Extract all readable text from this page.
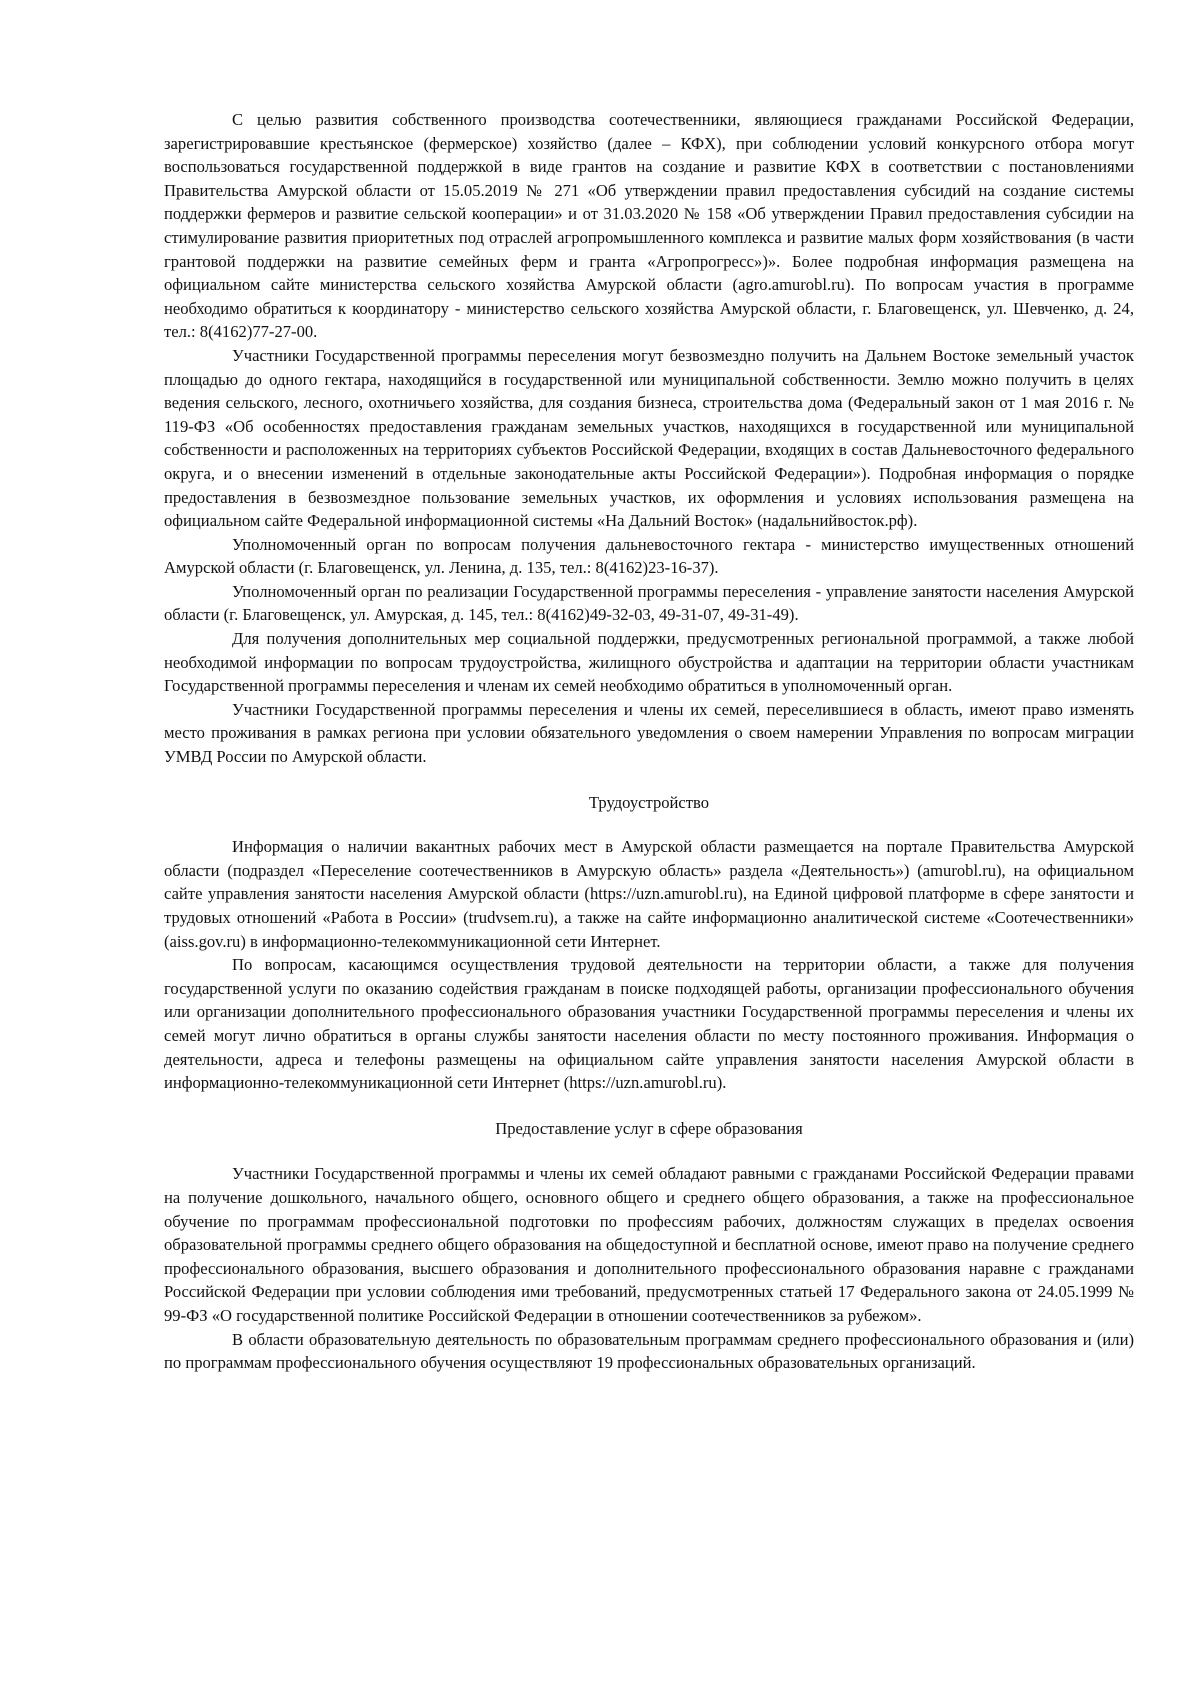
С целью развития собственного производства соотечественники, являющиеся гражданами Российской Федерации, зарегистрировавшие крестьянское (фермерское) хозяйство (далее – КФХ), при соблюдении условий конкурсного отбора могут воспользоваться государственной поддержкой в виде грантов на создание и развитие КФХ в соответствии с постановлениями Правительства Амурской области от 15.05.2019 № 271 «Об утверждении правил предоставления субсидий на создание системы поддержки фермеров и развитие сельской кооперации» и от 31.03.2020 № 158 «Об утверждении Правил предоставления субсидии на стимулирование развития приоритетных под отраслей агропромышленного комплекса и развитие малых форм хозяйствования (в части грантовой поддержки на развитие семейных ферм и гранта «Агропрогресс»)». Более подробная информация размещена на официальном сайте министерства сельского хозяйства Амурской области (agro.amurobl.ru). По вопросам участия в программе необходимо обратиться к координатору - министерство сельского хозяйства Амурской области, г. Благовещенск, ул. Шевченко, д. 24, тел.: 8(4162)77-27-00.

Участники Государственной программы переселения могут безвозмездно получить на Дальнем Востоке земельный участок площадью до одного гектара, находящийся в государственной или муниципальной собственности. Землю можно получить в целях ведения сельского, лесного, охотничьего хозяйства, для создания бизнеса, строительства дома (Федеральный закон от 1 мая 2016 г. № 119-ФЗ «Об особенностях предоставления гражданам земельных участков, находящихся в государственной или муниципальной собственности и расположенных на территориях субъектов Российской Федерации, входящих в состав Дальневосточного федерального округа, и о внесении изменений в отдельные законодательные акты Российской Федерации»). Подробная информация о порядке предоставления в безвозмездное пользование земельных участков, их оформления и условиях использования размещена на официальном сайте Федеральной информационной системы «На Дальний Восток» (надальнийвосток.рф).

Уполномоченный орган по вопросам получения дальневосточного гектара - министерство имущественных отношений Амурской области (г. Благовещенск, ул. Ленина, д. 135, тел.: 8(4162)23-16-37).

Уполномоченный орган по реализации Государственной программы переселения - управление занятости населения Амурской области (г. Благовещенск, ул. Амурская, д. 145, тел.: 8(4162)49-32-03, 49-31-07, 49-31-49).

Для получения дополнительных мер социальной поддержки, предусмотренных региональной программой, а также любой необходимой информации по вопросам трудоустройства, жилищного обустройства и адаптации на территории области участникам Государственной программы переселения и членам их семей необходимо обратиться в уполномоченный орган.

Участники Государственной программы переселения и члены их семей, переселившиеся в область, имеют право изменять место проживания в рамках региона при условии обязательного уведомления о своем намерении Управления по вопросам миграции УМВД России по Амурской области.

Трудоустройство

Информация о наличии вакантных рабочих мест в Амурской области размещается на портале Правительства Амурской области (подраздел «Переселение соотечественников в Амурскую область» раздела «Деятельность») (amurobl.ru), на официальном сайте управления занятости населения Амурской области (https://uzn.amurobl.ru), на Единой цифровой платформе в сфере занятости и трудовых отношений «Работа в России» (trudvsem.ru), а также на сайте информационно аналитической системе «Соотечественники» (aiss.gov.ru) в информационно-телекоммуникационной сети Интернет.

По вопросам, касающимся осуществления трудовой деятельности на территории области, а также для получения государственной услуги по оказанию содействия гражданам в поиске подходящей работы, организации профессионального обучения или организации дополнительного профессионального образования участники Государственной программы переселения и члены их семей могут лично обратиться в органы службы занятости населения области по месту постоянного проживания. Информация о деятельности, адреса и телефоны размещены на официальном сайте управления занятости населения Амурской области в информационно-телекоммуникационной сети Интернет (https://uzn.amurobl.ru).

Предоставление услуг в сфере образования

Участники Государственной программы и члены их семей обладают равными с гражданами Российской Федерации правами на получение дошкольного, начального общего, основного общего и среднего общего образования, а также на профессиональное обучение по программам профессиональной подготовки по профессиям рабочих, должностям служащих в пределах освоения образовательной программы среднего общего образования на общедоступной и бесплатной основе, имеют право на получение среднего профессионального образования, высшего образования и дополнительного профессионального образования наравне с гражданами Российской Федерации при условии соблюдения ими требований, предусмотренных статьей 17 Федерального закона от 24.05.1999 № 99-ФЗ «О государственной политике Российской Федерации в отношении соотечественников за рубежом».

В области образовательную деятельность по образовательным программам среднего профессионального образования и (или) по программам профессионального обучения осуществляют 19 профессиональных образовательных организаций.
